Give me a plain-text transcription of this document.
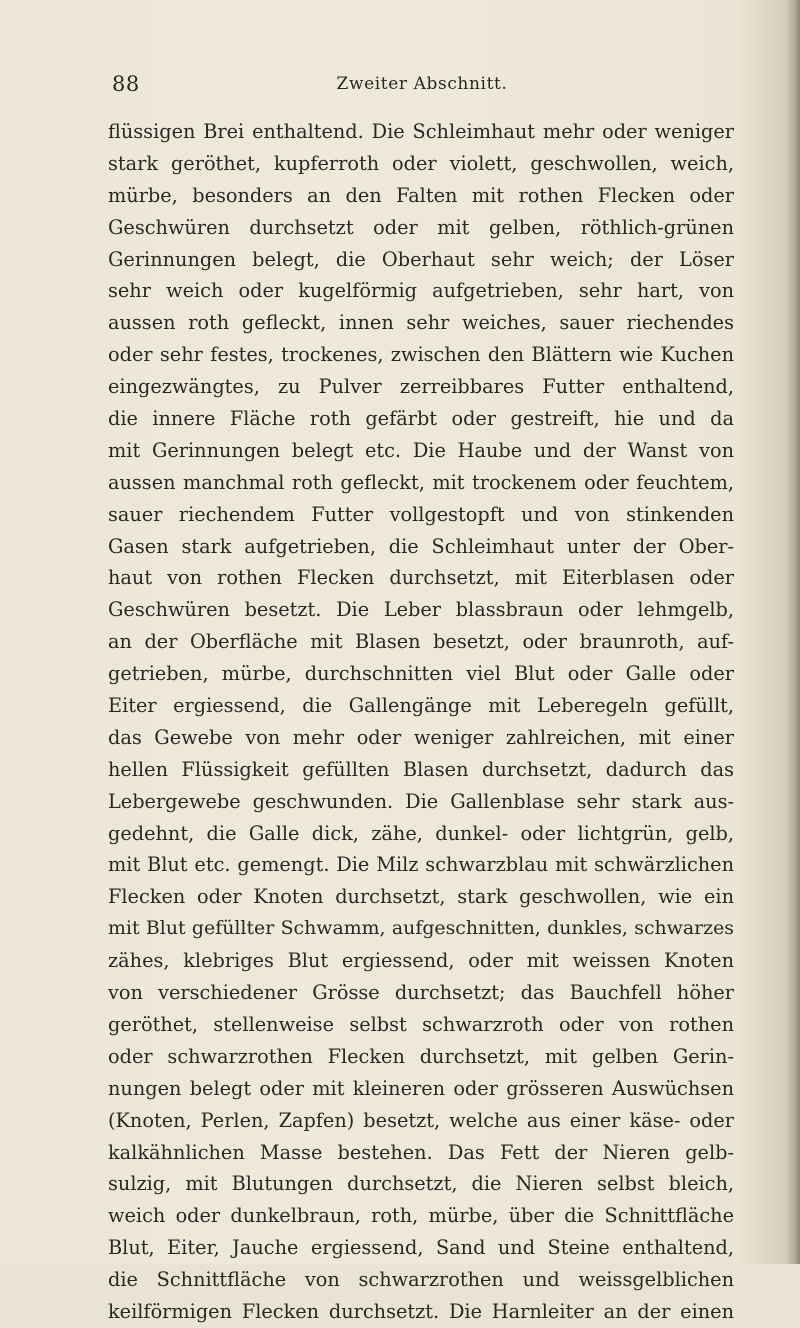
88	Zweiter Abschnitt.
flüssigen Brei enthaltend. Die Schleimhaut mehr oder weniger
stark geröthet, kupferroth oder violett, geschwollen, weich,
mürbe, besonders an den Falten mit rothen Flecken oder
Geschwüren durchsetzt oder mit gelben, röthlich-grünen
Gerinnungen belegt, die Oberhaut sehr weich; der Löser
sehr weich oder kugelförmig aufgetrieben, sehr hart, von
aussen roth gefleckt, innen sehr weiches, sauer riechendes
oder sehr festes, trockenes, zwischen den Blättern wie Kuchen
eingezwängtes, zu Pulver zerreibbares Futter enthaltend,
die innere Fläche roth gefärbt oder gestreift, hie und da
mit Gerinnungen belegt etc. Die Haube und der Wanst von
aussen manchmal roth gefleckt, mit trockenem oder feuchtem,
sauer riechendem Futter vollgestopft und von stinkenden
Gasen stark aufgetrieben, die Schleimhaut unter der Ober-
haut von rothen Flecken durchsetzt, mit Eiterblasen oder
Geschwüren besetzt. Die Leber blassbraun oder lehmgelb,
an der Oberfläche mit Blasen besetzt, oder braunroth, auf-
getrieben, mürbe, durchschnitten viel Blut oder Galle oder
Eiter ergiessend, die Gallengänge mit Leberegeln gefüllt,
das Gewebe von mehr oder weniger zahlreichen, mit einer
hellen Flüssigkeit gefüllten Blasen durchsetzt, dadurch das
Lebergewebe geschwunden. Die Gallenblase sehr stark aus-
gedehnt, die Galle dick, zähe, dunkel- oder lichtgrün, gelb,
mit Blut etc. gemengt. Die Milz schwarzblau mit schwärzlichen
Flecken oder Knoten durchsetzt, stark geschwollen, wie ein
mit Blut gefüllter Schwamm, aufgeschnitten, dunkles, schwarzes
zähes, klebriges Blut ergiessend, oder mit weissen Knoten
von verschiedener Grösse durchsetzt; das Bauchfell höher
geröthet, stellenweise selbst schwarzroth oder von rothen
oder schwarzrothen Flecken durchsetzt, mit gelben Gerin-
nungen belegt oder mit kleineren oder grösseren Auswüchsen
(Knoten, Perlen, Zapfen) besetzt, welche aus einer käse- oder
kalkähnlichen Masse bestehen. Das Fett der Nieren gelb-
sulzig, mit Blutungen durchsetzt, die Nieren selbst bleich,
weich oder dunkelbraun, roth, mürbe, über die Schnittfläche
Blut, Eiter, Jauche ergiessend, Sand und Steine enthaltend,
die Schnittfläche von schwarzrothen und weissgelblichen
keilförmigen Flecken durchsetzt. Die Harnleiter an der einen
